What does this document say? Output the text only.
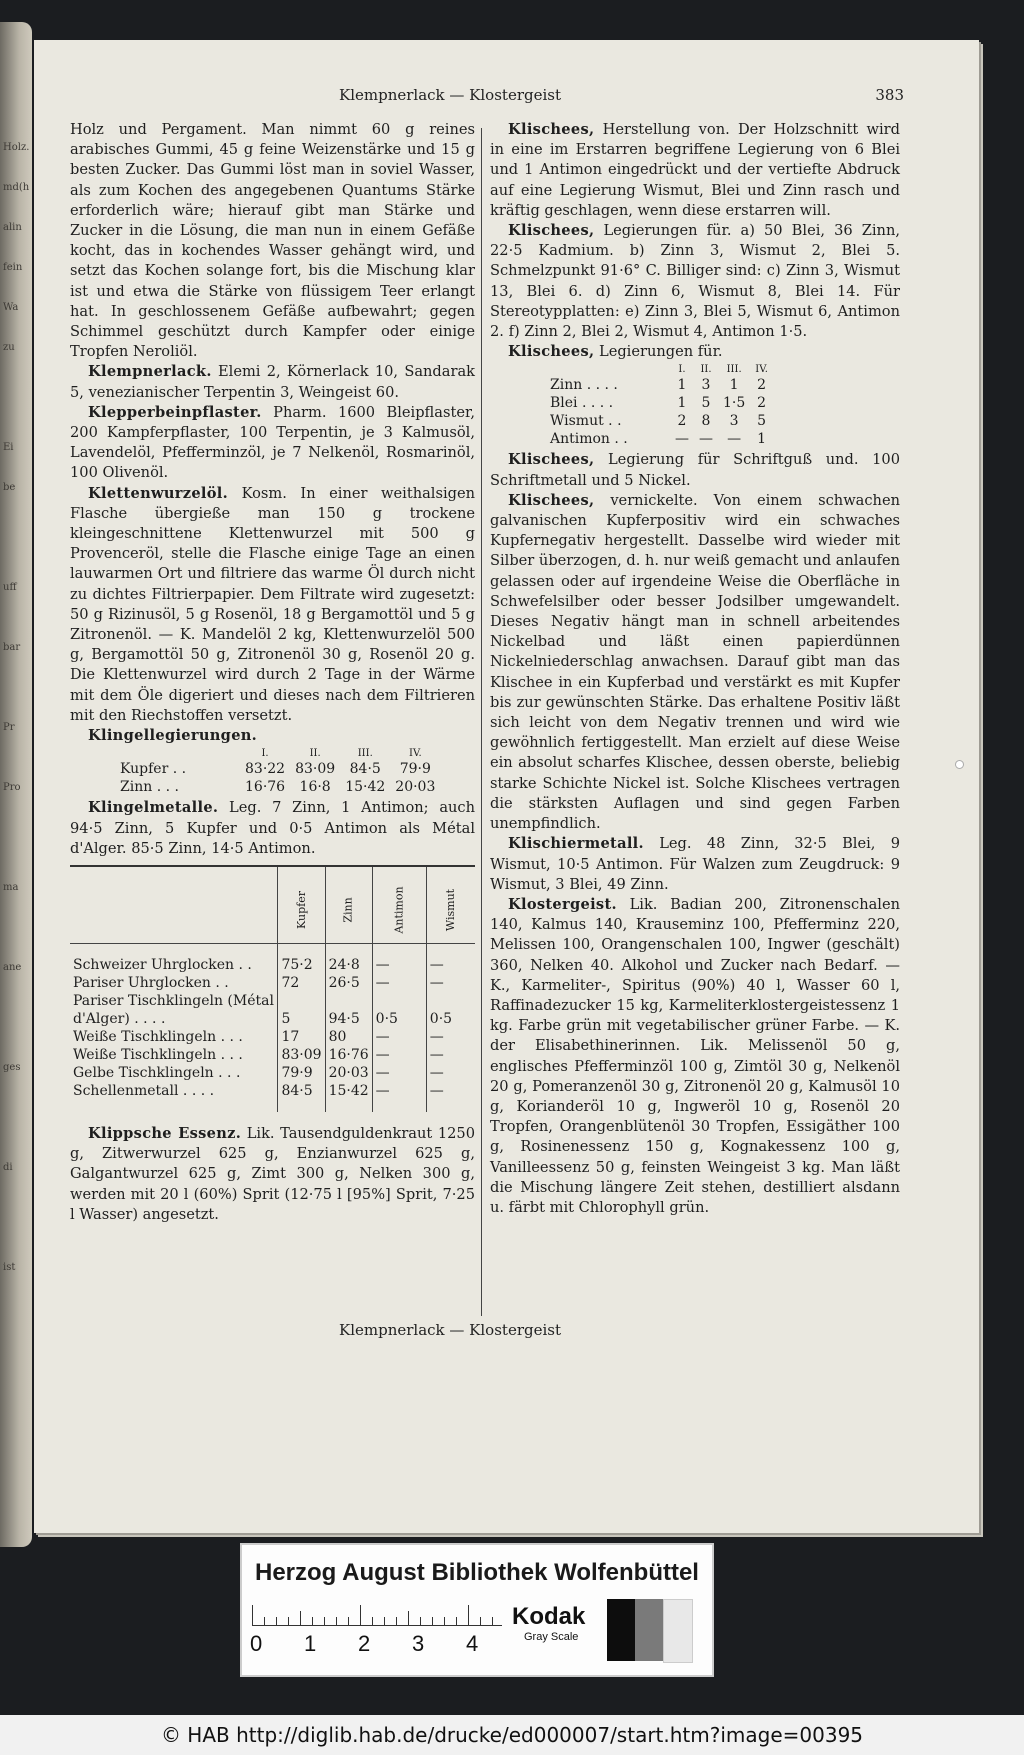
Holz.
md(h
alin
fein
Wa
zu
Ei
be
uff
bar
Pr
Pro
ma
ane
ges
di
ist
Klempnerlack — Klostergeist	383

Holz und Pergament. Man nimmt 60 g reines arabisches Gummi, 45 g feine Weizenstärke und 15 g besten Zucker. Das Gummi löst man in soviel Wasser, als zum Kochen des angegebenen Quantums Stärke erforderlich wäre; hierauf gibt man Stärke und Zucker in die Lösung, die man nun in einem Gefäße kocht, das in kochendes Wasser gehängt wird, und setzt das Kochen solange fort, bis die Mischung klar ist und etwa die Stärke von flüssigem Teer erlangt hat. In geschlossenem Gefäße aufbewahrt; gegen Schimmel geschützt durch Kampfer oder einige Tropfen Neroliöl.

Klempnerlack. Elemi 2, Körnerlack 10, Sandarak 5, venezianischer Terpentin 3, Weingeist 60.

Klepperbeinpflaster. Pharm. 1600 Bleipflaster, 200 Kampferpflaster, 100 Terpentin, je 3 Kalmusöl, Lavendelöl, Pfefferminzöl, je 7 Nelkenöl, Rosmarinöl, 100 Olivenöl.

Klettenwurzelöl. Kosm. In einer weithalsigen Flasche übergieße man 150 g trockene kleingeschnittene Klettenwurzel mit 500 g Provenceröl, stelle die Flasche einige Tage an einen lauwarmen Ort und filtriere das warme Öl durch nicht zu dichtes Filtrierpapier. Dem Filtrate wird zugesetzt: 50 g Rizinusöl, 5 g Rosenöl, 18 g Bergamottöl und 5 g Zitronenöl. — K. Mandelöl 2 kg, Klettenwurzelöl 500 g, Bergamottöl 50 g, Zitronenöl 30 g, Rosenöl 20 g. Die Klettenwurzel wird durch 2 Tage in der Wärme mit dem Öle digeriert und dieses nach dem Filtrieren mit den Riechstoffen versetzt.

Klingellegierungen.

	I.	II.	III.	IV.
Kupfer . .	83·22	83·09	84·5	79·9
Zinn . . .	16·76	16·8	15·42	20·03

Klingelmetalle. Leg. 7 Zinn, 1 Antimon; auch 94·5 Zinn, 5 Kupfer und 0·5 Antimon als Métal d'Alger. 85·5 Zinn, 14·5 Antimon.

	Kupfer	Zinn	Antimon	Wismut

Schweizer Uhrglocken . .	75·2	24·8	—	—
Pariser Uhrglocken . .	72	26·5	—	—
Pariser Tischklingeln (Métal d'Alger) . . . .	5	94·5	0·5	0·5
Weiße Tischklingeln . . .	17	80	—	—
Weiße Tischklingeln . . .	83·09	16·76	—	—
Gelbe Tischklingeln . . .	79·9	20·03	—	—
Schellenmetall . . . .	84·5	15·42	—	—

Klippsche Essenz. Lik. Tausendguldenkraut 1250 g, Zitwerwurzel 625 g, Enzianwurzel 625 g, Galgantwurzel 625 g, Zimt 300 g, Nelken 300 g, werden mit 20 l (60%) Sprit (12·75 l [95%] Sprit, 7·25 l Wasser) angesetzt.

Klischees, Herstellung von. Der Holzschnitt wird in eine im Erstarren begriffene Legierung von 6 Blei und 1 Antimon eingedrückt und der vertiefte Abdruck auf eine Legierung Wismut, Blei und Zinn rasch und kräftig geschlagen, wenn diese erstarren will.

Klischees, Legierungen für. a) 50 Blei, 36 Zinn, 22·5 Kadmium. b) Zinn 3, Wismut 2, Blei 5. Schmelzpunkt 91·6° C. Billiger sind: c) Zinn 3, Wismut 13, Blei 6. d) Zinn 6, Wismut 8, Blei 14. Für Stereotypplatten: e) Zinn 3, Blei 5, Wismut 6, Antimon 2. f) Zinn 2, Blei 2, Wismut 4, Antimon 1·5.

Klischees, Legierungen für.

	I.	II.	III.	IV.
Zinn . . . .	1	3	1	2
Blei . . . .	1	5	1·5	2
Wismut . .	2	8	3	5
Antimon . .	—	—	—	1

Klischees, Legierung für Schriftguß und. 100 Schriftmetall und 5 Nickel.

Klischees, vernickelte. Von einem schwachen galvanischen Kupferpositiv wird ein schwaches Kupfernegativ hergestellt. Dasselbe wird wieder mit Silber überzogen, d. h. nur weiß gemacht und anlaufen gelassen oder auf irgendeine Weise die Oberfläche in Schwefelsilber oder besser Jodsilber umgewandelt. Dieses Negativ hängt man in schnell arbeitendes Nickelbad und läßt einen papierdünnen Nickelniederschlag anwachsen. Darauf gibt man das Klischee in ein Kupferbad und verstärkt es mit Kupfer bis zur gewünschten Stärke. Das erhaltene Positiv läßt sich leicht von dem Negativ trennen und wird wie gewöhnlich fertiggestellt. Man erzielt auf diese Weise ein absolut scharfes Klischee, dessen oberste, beliebig starke Schichte Nickel ist. Solche Klischees vertragen die stärksten Auflagen und sind gegen Farben unempfindlich.

Klischiermetall. Leg. 48 Zinn, 32·5 Blei, 9 Wismut, 10·5 Antimon. Für Walzen zum Zeugdruck: 9 Wismut, 3 Blei, 49 Zinn.

Klostergeist. Lik. Badian 200, Zitronenschalen 140, Kalmus 140, Krauseminz 100, Pfefferminz 220, Melissen 100, Orangenschalen 100, Ingwer (geschält) 360, Nelken 40. Alkohol und Zucker nach Bedarf. — K., Karmeliter-, Spiritus (90%) 40 l, Wasser 60 l, Raffinadezucker 15 kg, Karmeliterklostergeistessenz 1 kg. Farbe grün mit vegetabilischer grüner Farbe. — K. der Elisabethinerinnen. Lik. Melissenöl 50 g, englisches Pfefferminzöl 100 g, Zimtöl 30 g, Nelkenöl 20 g, Pomeranzenöl 30 g, Zitronenöl 20 g, Kalmusöl 10 g, Korianderöl 10 g, Ingweröl 10 g, Rosenöl 20 Tropfen, Orangenblütenöl 30 Tropfen, Essigäther 100 g, Rosinenessenz 150 g, Kognakessenz 100 g, Vanilleessenz 50 g, feinsten Weingeist 3 kg. Man läßt die Mischung längere Zeit stehen, destilliert alsdann u. färbt mit Chlorophyll grün.

Klempnerlack — Klostergeist
Herzog August Bibliothek Wolfenbüttel
0 1 2 3 4
Kodak
Gray Scale
© HAB http://diglib.hab.de/drucke/ed000007/start.htm?image=00395
